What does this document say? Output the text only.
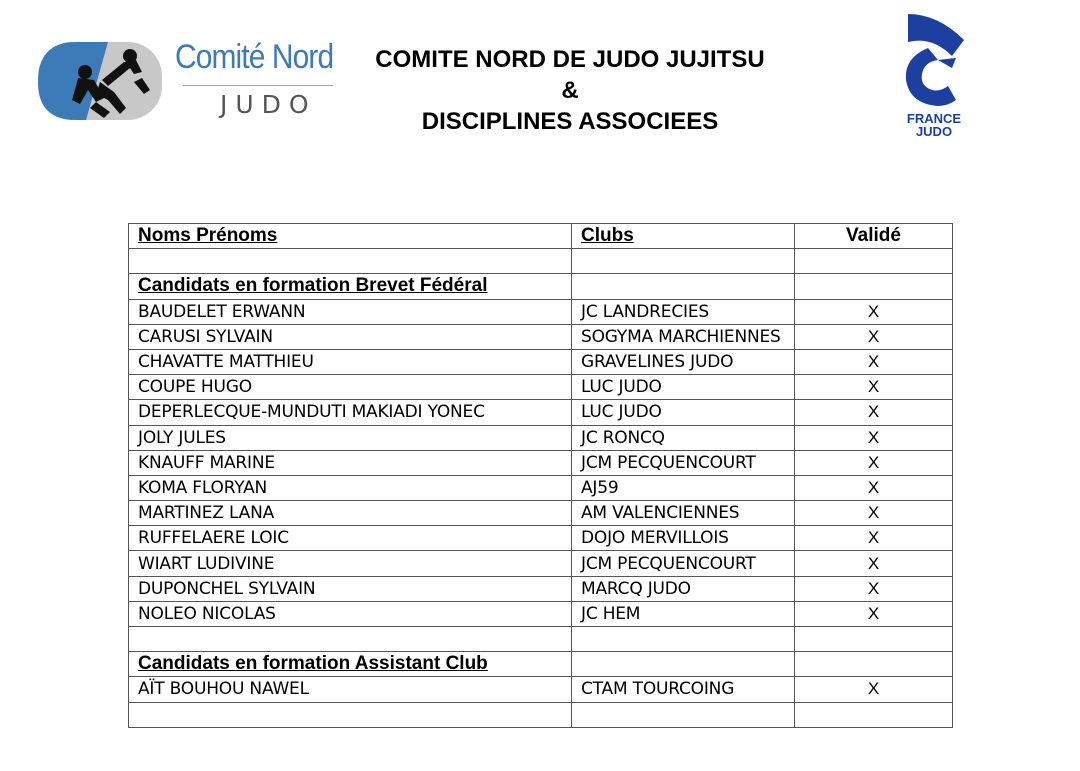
Comité Nord
JUDO
COMITE NORD DE JUDO JUJITSU
&
DISCIPLINES ASSOCIEES	FRANCE
JUDO
Noms Prénoms	Clubs	Validé

Candidats en formation Brevet Fédéral		
BAUDELET ERWANN	JC LANDRECIES	X
CARUSI SYLVAIN	SOGYMA MARCHIENNES	X
CHAVATTE MATTHIEU	GRAVELINES JUDO	X
COUPE HUGO	LUC JUDO	X
DEPERLECQUE-MUNDUTI MAKIADI YONEC	LUC JUDO	X
JOLY JULES	JC RONCQ	X
KNAUFF MARINE	JCM PECQUENCOURT	X
KOMA FLORYAN	AJ59	X
MARTINEZ LANA	AM VALENCIENNES	X
RUFFELAERE LOIC	DOJO MERVILLOIS	X
WIART LUDIVINE	JCM PECQUENCOURT	X
DUPONCHEL SYLVAIN	MARCQ JUDO	X
NOLEO NICOLAS	JC HEM	X

Candidats en formation Assistant Club		
AÏT BOUHOU NAWEL	CTAM TOURCOING	X
